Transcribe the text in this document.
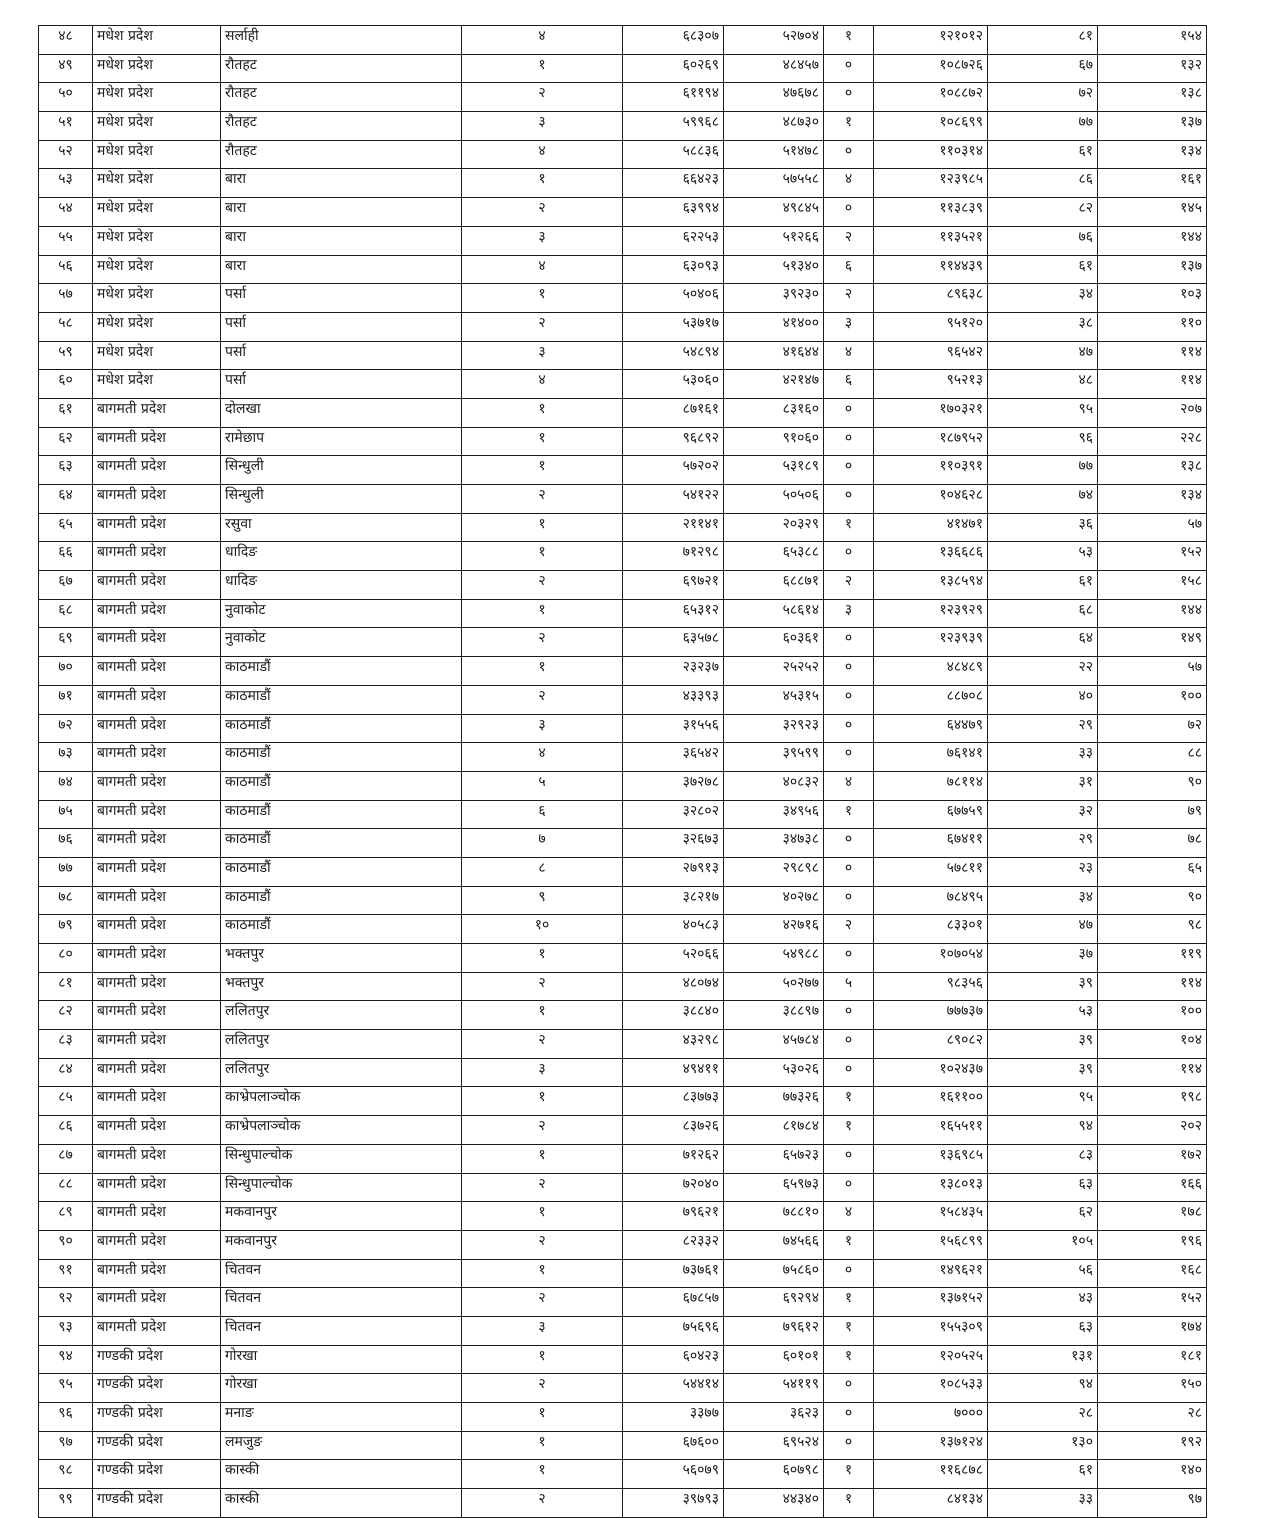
४८	मधेश प्रदेश	सर्लाही	४	६८३०७	५२७०४	१	१२१०१२	८१	१५४
४९	मधेश प्रदेश	रौतहट	१	६०२६९	४८४५७	०	१०८७२६	६७	१३२
५०	मधेश प्रदेश	रौतहट	२	६११९४	४७६७८	०	१०८८७२	७२	१३८
५१	मधेश प्रदेश	रौतहट	३	५९९६८	४८७३०	१	१०८६९९	७७	१३७
५२	मधेश प्रदेश	रौतहट	४	५८८३६	५१४७८	०	११०३१४	६१	१३४
५३	मधेश प्रदेश	बारा	१	६६४२३	५७५५८	४	१२३९८५	८६	१६१
५४	मधेश प्रदेश	बारा	२	६३९९४	४९८४५	०	११३८३९	८२	१४५
५५	मधेश प्रदेश	बारा	३	६२२५३	५१२६६	२	११३५२१	७६	१४४
५६	मधेश प्रदेश	बारा	४	६३०९३	५१३४०	६	११४४३९	६१	१३७
५७	मधेश प्रदेश	पर्सा	१	५०४०६	३९२३०	२	८९६३८	३४	१०३
५८	मधेश प्रदेश	पर्सा	२	५३७१७	४१४००	३	९५१२०	३८	११०
५९	मधेश प्रदेश	पर्सा	३	५४८९४	४१६४४	४	९६५४२	४७	११४
६०	मधेश प्रदेश	पर्सा	४	५३०६०	४२१४७	६	९५२१३	४८	११४
६१	बागमती प्रदेश	दोलखा	१	८७१६१	८३१६०	०	१७०३२१	९५	२०७
६२	बागमती प्रदेश	रामेछाप	१	९६८९२	९१०६०	०	१८७९५२	९६	२२८
६३	बागमती प्रदेश	सिन्धुली	१	५७२०२	५३१८९	०	११०३९१	७७	१३८
६४	बागमती प्रदेश	सिन्धुली	२	५४१२२	५०५०६	०	१०४६२८	७४	१३४
६५	बागमती प्रदेश	रसुवा	१	२११४१	२०३२९	१	४१४७१	३६	५७
६६	बागमती प्रदेश	धादिङ	१	७१२९८	६५३८८	०	१३६६८६	५३	१५२
६७	बागमती प्रदेश	धादिङ	२	६९७२१	६८८७१	२	१३८५९४	६१	१५८
६८	बागमती प्रदेश	नुवाकोट	१	६५३१२	५८६१४	३	१२३९२९	६८	१४४
६९	बागमती प्रदेश	नुवाकोट	२	६३५७८	६०३६१	०	१२३९३९	६४	१४९
७०	बागमती प्रदेश	काठमाडौं	१	२३२३७	२५२५२	०	४८४८९	२२	५७
७१	बागमती प्रदेश	काठमाडौं	२	४३३९३	४५३१५	०	८८७०८	४०	१००
७२	बागमती प्रदेश	काठमाडौं	३	३१५५६	३२९२३	०	६४४७९	२९	७२
७३	बागमती प्रदेश	काठमाडौं	४	३६५४२	३९५९९	०	७६१४१	३३	८८
७४	बागमती प्रदेश	काठमाडौं	५	३७२७८	४०८३२	४	७८११४	३१	९०
७५	बागमती प्रदेश	काठमाडौं	६	३२८०२	३४९५६	१	६७७५९	३२	७९
७६	बागमती प्रदेश	काठमाडौं	७	३२६७३	३४७३८	०	६७४११	२९	७८
७७	बागमती प्रदेश	काठमाडौं	८	२७९१३	२९८९८	०	५७८११	२३	६५
७८	बागमती प्रदेश	काठमाडौं	९	३८२१७	४०२७८	०	७८४९५	३४	९०
७९	बागमती प्रदेश	काठमाडौं	१०	४०५८३	४२७१६	२	८३३०१	४७	९८
८०	बागमती प्रदेश	भक्तपुर	१	५२०६६	५४९८८	०	१०७०५४	३७	११९
८१	बागमती प्रदेश	भक्तपुर	२	४८०७४	५०२७७	५	९८३५६	३९	११४
८२	बागमती प्रदेश	ललितपुर	१	३८८४०	३८८९७	०	७७७३७	५३	१००
८३	बागमती प्रदेश	ललितपुर	२	४३२९८	४५७८४	०	८९०८२	३९	१०४
८४	बागमती प्रदेश	ललितपुर	३	४९४११	५३०२६	०	१०२४३७	३९	११४
८५	बागमती प्रदेश	काभ्रेपलाञ्चोक	१	८३७७३	७७३२६	१	१६११००	९५	१९८
८६	बागमती प्रदेश	काभ्रेपलाञ्चोक	२	८३७२६	८१७८४	१	१६५५११	९४	२०२
८७	बागमती प्रदेश	सिन्धुपाल्चोक	१	७१२६२	६५७२३	०	१३६९८५	८३	१७२
८८	बागमती प्रदेश	सिन्धुपाल्चोक	२	७२०४०	६५९७३	०	१३८०१३	६३	१६६
८९	बागमती प्रदेश	मकवानपुर	१	७९६२१	७८८१०	४	१५८४३५	६२	१७८
९०	बागमती प्रदेश	मकवानपुर	२	८२३३२	७४५६६	१	१५६८९९	१०५	१९६
९१	बागमती प्रदेश	चितवन	१	७३७६१	७५८६०	०	१४९६२१	५६	१६८
९२	बागमती प्रदेश	चितवन	२	६७८५७	६९२९४	१	१३७१५२	४३	१५२
९३	बागमती प्रदेश	चितवन	३	७५६९६	७९६१२	१	१५५३०९	६३	१७४
९४	गण्डकी प्रदेश	गोरखा	१	६०४२३	६०१०१	१	१२०५२५	१३१	१८१
९५	गण्डकी प्रदेश	गोरखा	२	५४४१४	५४११९	०	१०८५३३	९४	१५०
९६	गण्डकी प्रदेश	मनाङ	१	३३७७	३६२३	०	७०००	२८	२८
९७	गण्डकी प्रदेश	लमजुङ	१	६७६००	६९५२४	०	१३७१२४	१३०	१९२
९८	गण्डकी प्रदेश	कास्की	१	५६०७९	६०७९८	१	११६८७८	६१	१४०
९९	गण्डकी प्रदेश	कास्की	२	३९७९३	४४३४०	१	८४१३४	३३	९७
